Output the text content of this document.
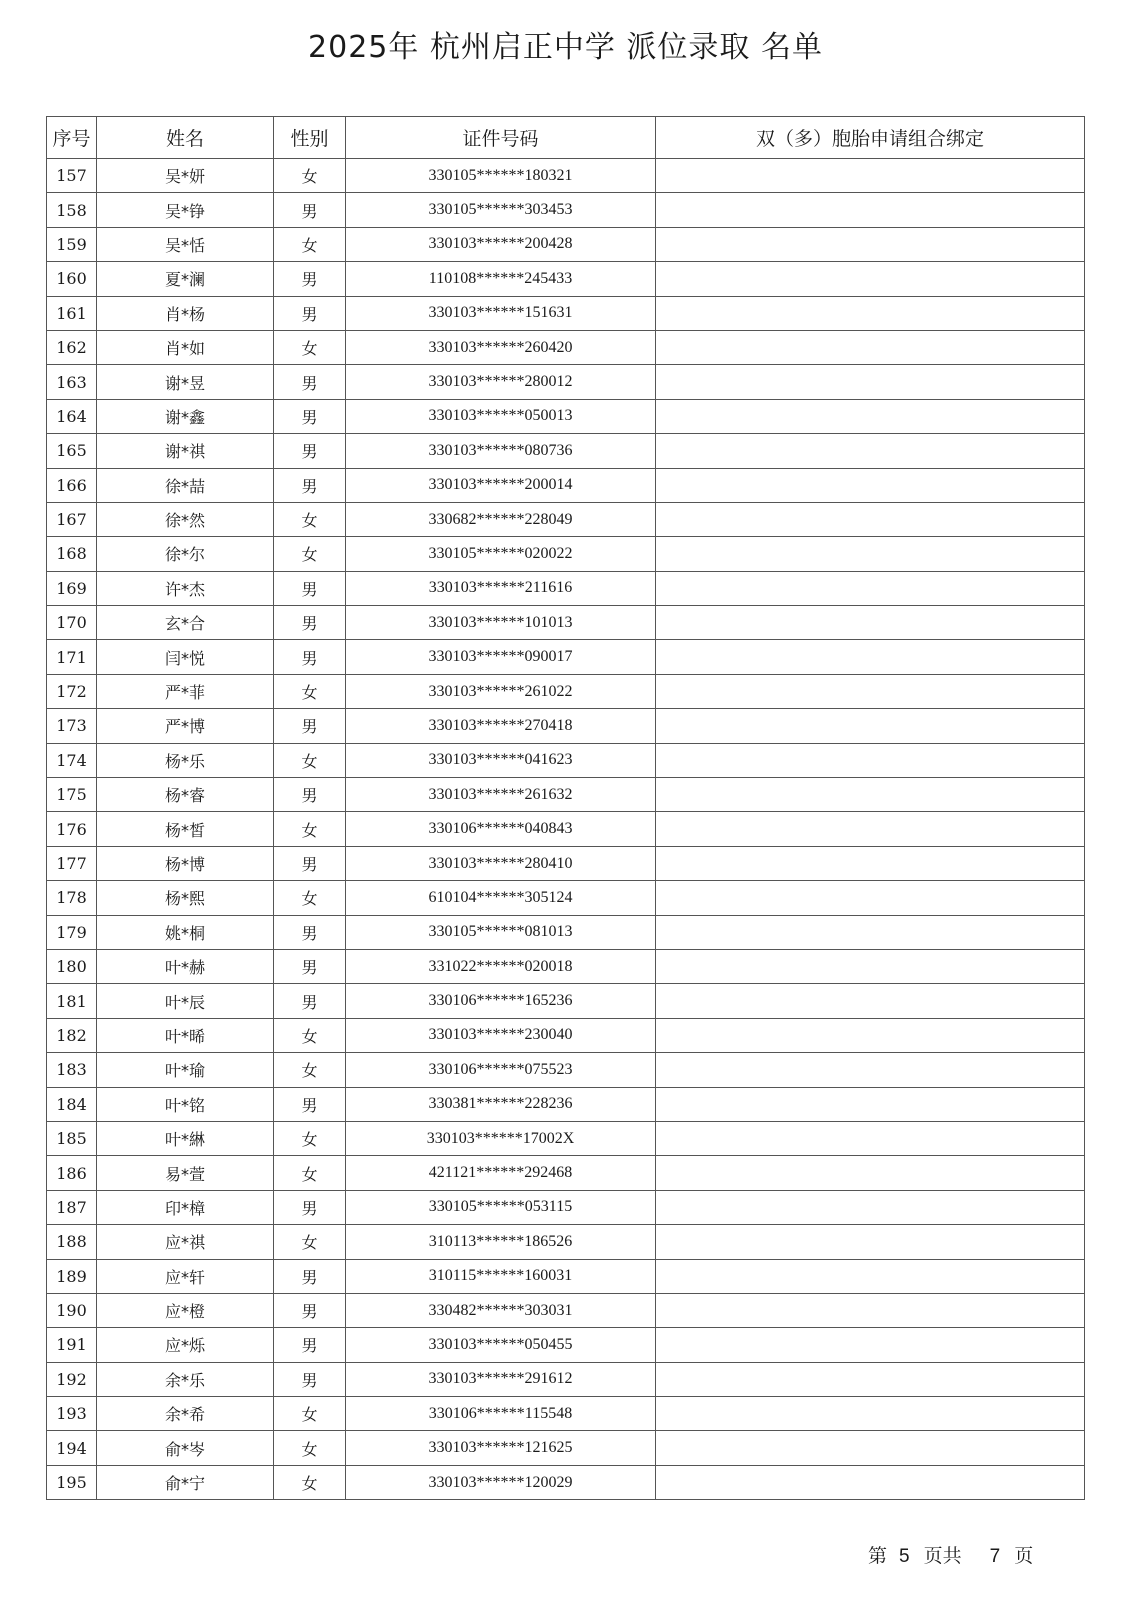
2025年 杭州启正中学 派位录取 名单
序号	姓名	性别	证件号码	双（多）胞胎申请组合绑定
157	吴*妍	女	330105******180321	
158	吴*铮	男	330105******303453	
159	吴*恬	女	330103******200428	
160	夏*澜	男	110108******245433	
161	肖*杨	男	330103******151631	
162	肖*如	女	330103******260420	
163	谢*昱	男	330103******280012	
164	谢*鑫	男	330103******050013	
165	谢*祺	男	330103******080736	
166	徐*喆	男	330103******200014	
167	徐*然	女	330682******228049	
168	徐*尔	女	330105******020022	
169	许*杰	男	330103******211616	
170	玄*合	男	330103******101013	
171	闫*悦	男	330103******090017	
172	严*菲	女	330103******261022	
173	严*博	男	330103******270418	
174	杨*乐	女	330103******041623	
175	杨*睿	男	330103******261632	
176	杨*皙	女	330106******040843	
177	杨*博	男	330103******280410	
178	杨*熙	女	610104******305124	
179	姚*桐	男	330105******081013	
180	叶*赫	男	331022******020018	
181	叶*辰	男	330106******165236	
182	叶*晞	女	330103******230040	
183	叶*瑜	女	330106******075523	
184	叶*铭	男	330381******228236	
185	叶*綝	女	330103******17002X	
186	易*萱	女	421121******292468	
187	印*樟	男	330105******053115	
188	应*祺	女	310113******186526	
189	应*轩	男	310115******160031	
190	应*橙	男	330482******303031	
191	应*烁	男	330103******050455	
192	余*乐	男	330103******291612	
193	余*希	女	330106******115548	
194	俞*岑	女	330103******121625	
195	俞*宁	女	330103******120029	
第 5 页共 7 页
